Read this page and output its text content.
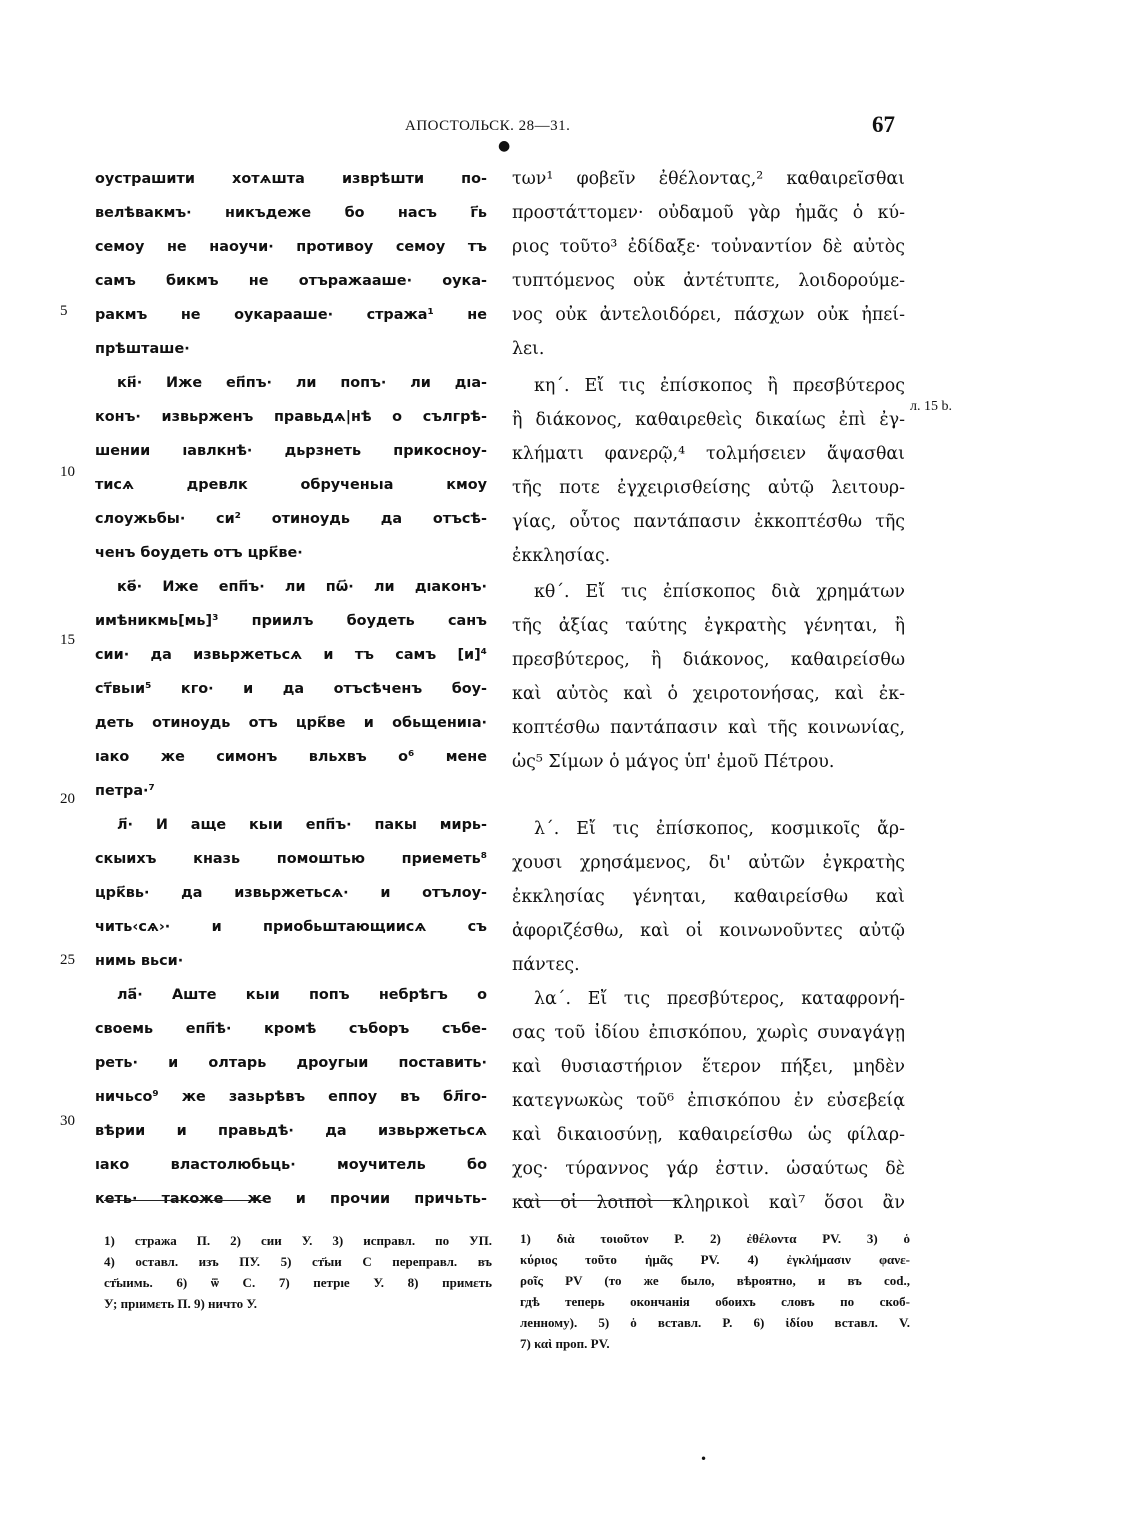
АПОСТОЛЬСК. 28—31.	67
●
5
10
15
20
25
30
оустрашити хотѧшта изврѣшти по-
велѣвакмъ· никъдеже бо насъ г҃ь
семоу не наоучи· противоу семоу тъ
самъ бикмъ не отъражаашe· оука-
ракмъ не оукараашe· стража¹ не
прѣшташе·
кн҃· Иже еп҃пъ· ли попъ· ли дıа-
конъ· извьрженъ правьдѧ|нѣ о сългрѣ-
шении ıавлкнѣ· дьрзнеть прикосноу-
тисѧ древлк обрученьıа кмоу
слоужьбы· си² отиноудь да отъсѣ-
ченъ боудеть отъ црк҃ве·
кѳ҃· Иже епп҃ъ· ли пѡ҃· ли дıаконъ·
имѣникмь[мь]³ приилъ боудеть санъ
сии· да извьржетьсѧ и тъ самъ [и]⁴
ст҃вьıи⁵ кго· и да отъсѣченъ боу-
деть отиноудь отъ црк҃ве и обьщениıа·
ıако же симонъ вльхвъ о⁶ мене
петра·⁷
л҃· И аще кьıи епп҃ъ· пакы мирь-
скыихъ кназь помоштью приеметь⁸
црк҃вь· да извьржетьсѧ· и отълоу-
чить‹сѧ›· и приобьштающиисѧ съ
нимь вьси·
ла҃· Аште кьıи попъ небрѣгъ о
своемь епп҃ѣ· кромѣ съборъ събе-
реть· и олтарь дроугыи поставить·
ничьсо⁹ же зазьрѣвъ еппоу въ бл҃го-
вѣрии и правьдѣ· да извьржетьсѧ
ıако властолюбьць· моучитель бо
кеть· такоже же и прочии причьть-
των¹ φοβεῖν ἐθέλοντας,² καθαιρεῖσθαι
προστάττομεν· οὐδαμοῦ γὰρ ἡμᾶς ὁ κύ-
ριος τοῦτο³ ἐδίδαξε· τοὐναντίον δὲ αὐτὸς
τυπτόμενος οὐκ ἀντέτυπτε, λοιδορούμε-
νος οὐκ ἀντελοιδόρει, πάσχων οὐκ ἠπεί-
λει.
κη΄. Εἴ τις ἐπίσκοπος ἢ πρεσβύτερος
ἢ διάκονος, καθαιρεθεὶς δικαίως ἐπὶ ἐγ-
κλήματι φανερῷ,⁴ τολμήσειεν ἅψασθαι
τῆς ποτε ἐγχειρισθείσης αὐτῷ λειτουρ-
γίας, οὗτος παντάπασιν ἐκκοπτέσθω τῆς
ἐκκλησίας.
κθ΄. Εἴ τις ἐπίσκοπος διὰ χρημάτων
τῆς ἀξίας ταύτης ἐγκρατὴς γένηται, ἢ
πρεσβύτερος, ἢ διάκονος, καθαιρείσθω
καὶ αὐτὸς καὶ ὁ χειροτονήσας, καὶ ἐκ-
κοπτέσθω παντάπασιν καὶ τῆς κοινωνίας,
ὡς⁵ Σίμων ὁ μάγος ὑπ' ἐμοῦ Πέτρου.
λ΄. Εἴ τις ἐπίσκοπος, κοσμικοῖς ἄρ-
χουσι χρησάμενος, δι' αὐτῶν ἐγκρατὴς
ἐκκλησίας γένηται, καθαιρείσθω καὶ
ἀφοριζέσθω, καὶ οἱ κοινωνοῦντες αὐτῷ
πάντες.
λα΄. Εἴ τις πρεσβύτερος, καταφρονή-
σας τοῦ ἰδίου ἐπισκόπου, χωρὶς συναγάγῃ
καὶ θυσιαστήριον ἕτερον πήξει, μηδὲν
κατεγνωκὼς τοῦ⁶ ἐπισκόπου ἐν εὐσεβείᾳ
καὶ δικαιοσύνῃ, καθαιρείσθω ὡς φίλαρ-
χος· τύραννος γάρ ἐστιν. ὡσαύτως δὲ
καὶ οἱ λοιποὶ κληρικοὶ καὶ⁷ ὅσοι ἂν
л. 15 b.
1) стражa П. 2) сии У. 3) исправл. по УП.
4) оставл. изъ ПУ. 5) ст҃ыи С переправл. въ
ст҃ыимь. 6) ѿ С. 7) петрıе У. 8) примεть
У; прıимεть П. 9) ничто У.
1) διὰ τοιοῦτον P. 2) ἐθέλοντα PV. 3) ὁ
κύριος τοῦτο ἡμᾶς PV. 4) ἐγκλήμασιν φανε-
ροῖς PV (то же было, вѣроятно, и въ cod.,
гдѣ теперь окончанія обоихъ словъ по скоб-
ленному). 5) ὁ вставл. P. 6) ἰδίου вставл. V.
7) καὶ проп. PV.
•
